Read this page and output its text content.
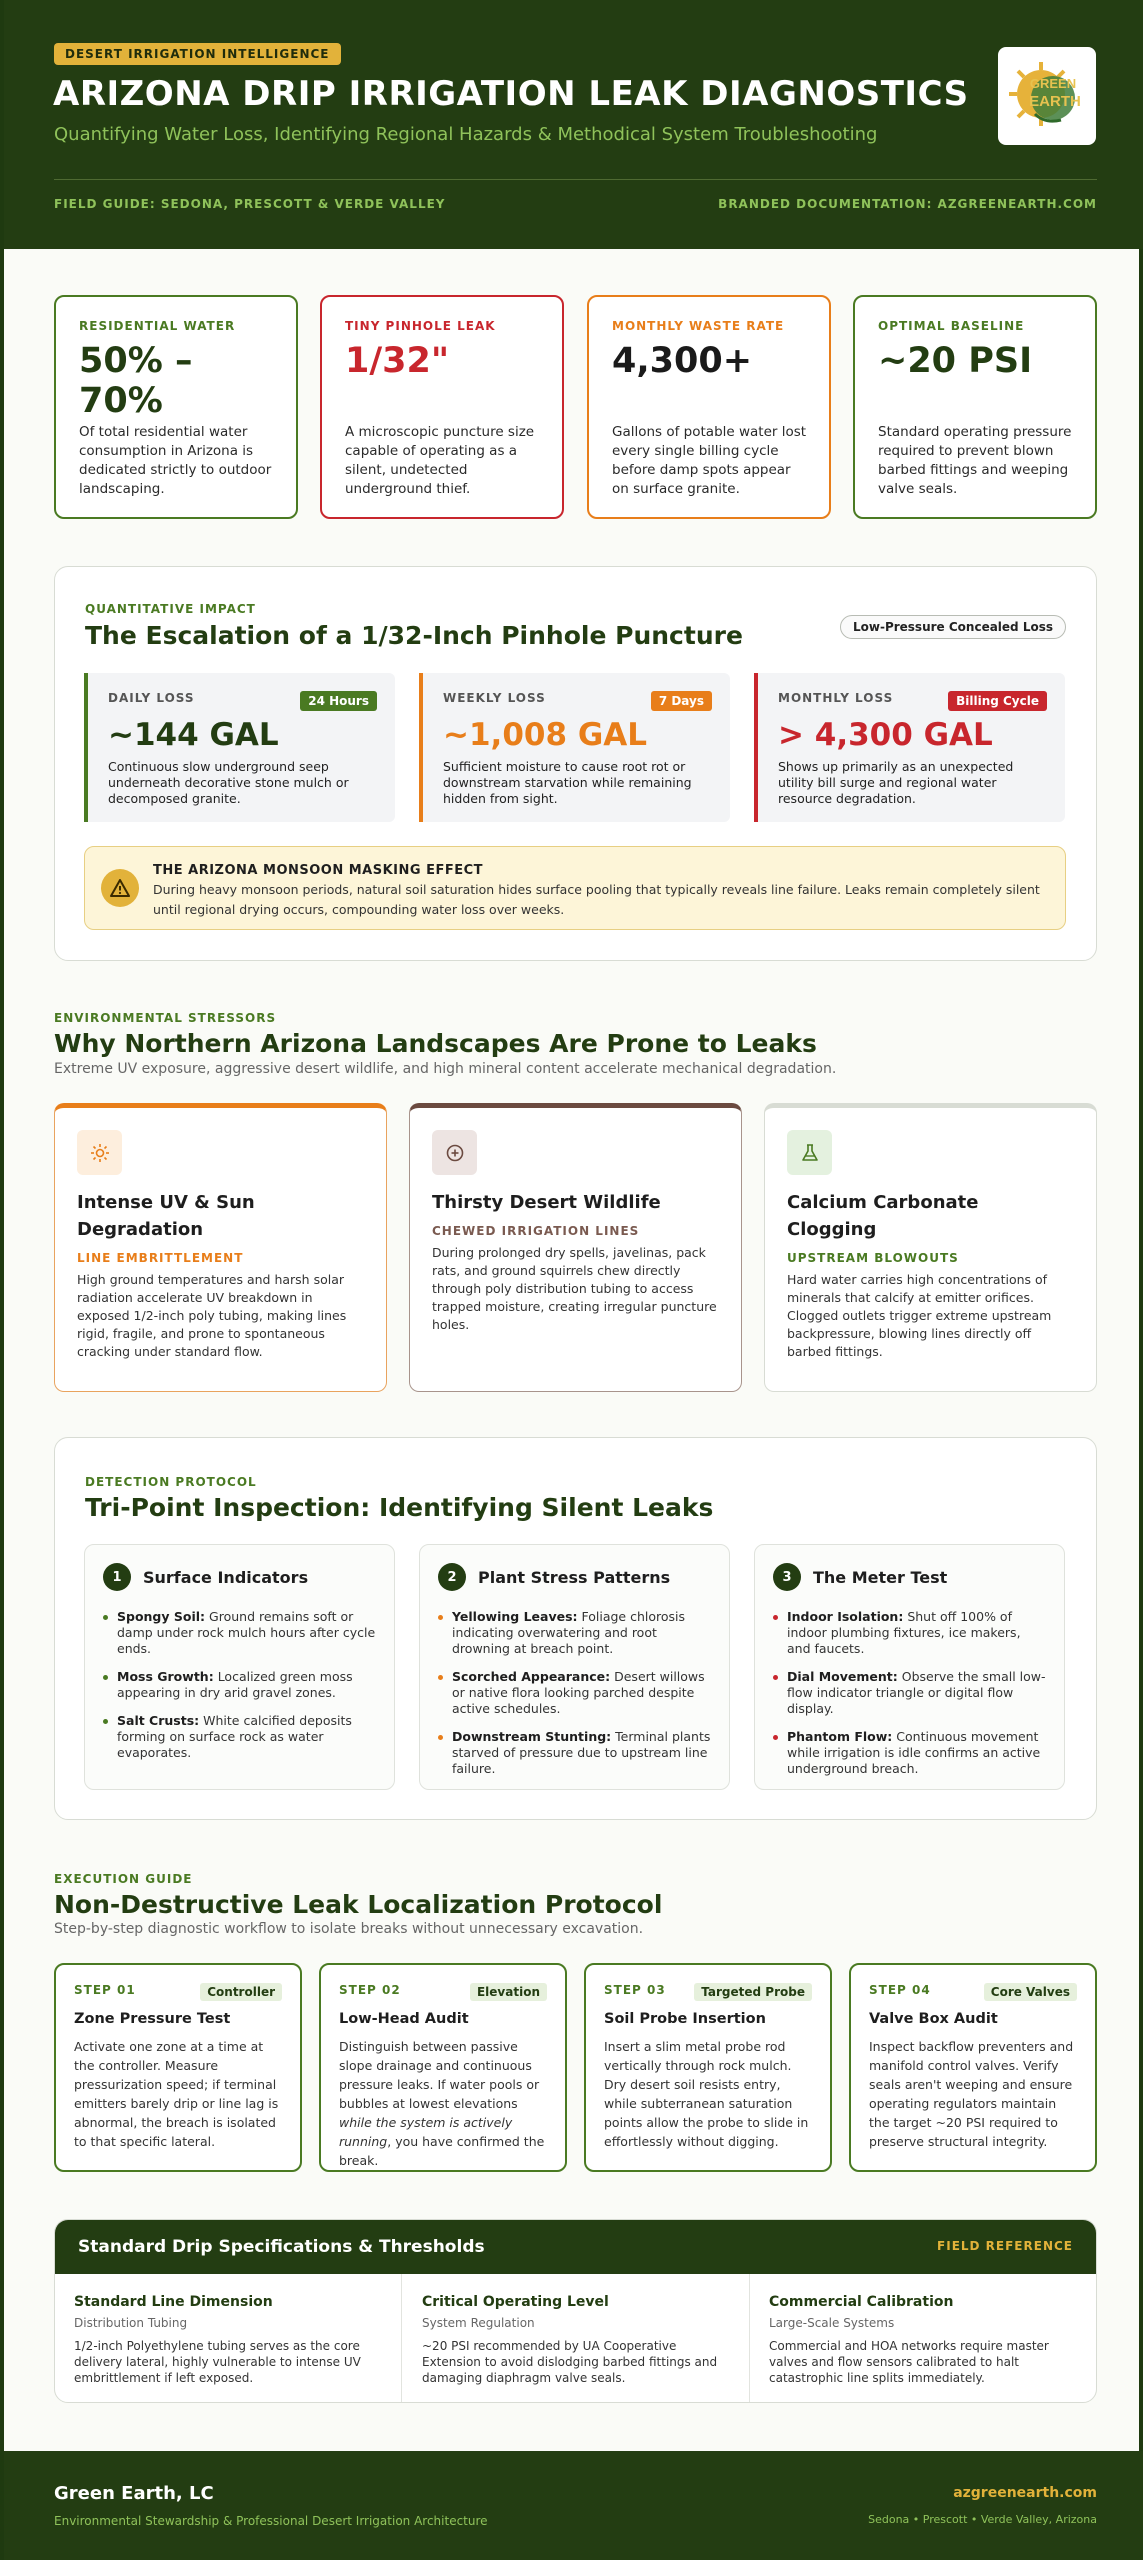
DESERT IRRIGATION INTELLIGENCE
ARIZONA DRIP IRRIGATION LEAK DIAGNOSTICS
Quantifying Water Loss, Identifying Regional Hazards & Methodical System Troubleshooting
FIELD GUIDE: SEDONA, PRESCOTT & VERDE VALLEY	BRANDED DOCUMENTATION: AZGREENEARTH.COM
GREEN
EARTH
RESIDENTIAL WATER
50% – 70%
Of total residential water consumption in Arizona is dedicated strictly to outdoor landscaping.
TINY PINHOLE LEAK
1/32"
A microscopic puncture size capable of operating as a silent, undetected underground thief.
MONTHLY WASTE RATE
4,300+
Gallons of potable water lost every single billing cycle before damp spots appear on surface granite.
OPTIMAL BASELINE
~20 PSI
Standard operating pressure required to prevent blown barbed fittings and weeping valve seals.
QUANTITATIVE IMPACT
The Escalation of a 1/32-Inch Pinhole Puncture	Low-Pressure Concealed Loss
DAILY LOSS	24 Hours
~144 GAL
Continuous slow underground seep underneath decorative stone mulch or decomposed granite.
WEEKLY LOSS	7 Days
~1,008 GAL
Sufficient moisture to cause root rot or downstream starvation while remaining hidden from sight.
MONTHLY LOSS	Billing Cycle
> 4,300 GAL
Shows up primarily as an unexpected utility bill surge and regional water resource degradation.
THE ARIZONA MONSOON MASKING EFFECT
During heavy monsoon periods, natural soil saturation hides surface pooling that typically reveals line failure. Leaks remain completely silent until regional drying occurs, compounding water loss over weeks.
ENVIRONMENTAL STRESSORS
Why Northern Arizona Landscapes Are Prone to Leaks
Extreme UV exposure, aggressive desert wildlife, and high mineral content accelerate mechanical degradation.
Intense UV & Sun Degradation
LINE EMBRITTLEMENT
High ground temperatures and harsh solar radiation accelerate UV breakdown in exposed 1/2-inch poly tubing, making lines rigid, fragile, and prone to spontaneous cracking under standard flow.
Thirsty Desert Wildlife
CHEWED IRRIGATION LINES
During prolonged dry spells, javelinas, pack rats, and ground squirrels chew directly through poly distribution tubing to access trapped moisture, creating irregular puncture holes.
Calcium Carbonate Clogging
UPSTREAM BLOWOUTS
Hard water carries high concentrations of minerals that calcify at emitter orifices. Clogged outlets trigger extreme upstream backpressure, blowing lines directly off barbed fittings.
DETECTION PROTOCOL
Tri-Point Inspection: Identifying Silent Leaks
1	Surface Indicators
Spongy Soil: Ground remains soft or damp under rock mulch hours after cycle ends.
Moss Growth: Localized green moss appearing in dry arid gravel zones.
Salt Crusts: White calcified deposits forming on surface rock as water evaporates.
2	Plant Stress Patterns
Yellowing Leaves: Foliage chlorosis indicating overwatering and root drowning at breach point.
Scorched Appearance: Desert willows or native flora looking parched despite active schedules.
Downstream Stunting: Terminal plants starved of pressure due to upstream line failure.
3	The Meter Test
Indoor Isolation: Shut off 100% of indoor plumbing fixtures, ice makers, and faucets.
Dial Movement: Observe the small low-flow indicator triangle or digital flow display.
Phantom Flow: Continuous movement while irrigation is idle confirms an active underground breach.
EXECUTION GUIDE
Non-Destructive Leak Localization Protocol
Step-by-step diagnostic workflow to isolate breaks without unnecessary excavation.
STEP 01	Controller
Zone Pressure Test
Activate one zone at a time at the controller. Measure pressurization speed; if terminal emitters barely drip or line lag is abnormal, the breach is isolated to that specific lateral.
STEP 02	Elevation
Low-Head Audit
Distinguish between passive slope drainage and continuous pressure leaks. If water pools or bubbles at lowest elevations while the system is actively running, you have confirmed the break.
STEP 03	Targeted Probe
Soil Probe Insertion
Insert a slim metal probe rod vertically through rock mulch. Dry desert soil resists entry, while subterranean saturation points allow the probe to slide in effortlessly without digging.
STEP 04	Core Valves
Valve Box Audit
Inspect backflow preventers and manifold control valves. Verify seals aren't weeping and ensure operating regulators maintain the target ~20 PSI required to preserve structural integrity.
Standard Drip Specifications & Thresholds	FIELD REFERENCE
Standard Line Dimension
Distribution Tubing
1/2-inch Polyethylene tubing serves as the core delivery lateral, highly vulnerable to intense UV embrittlement if left exposed.
Critical Operating Level
System Regulation
~20 PSI recommended by UA Cooperative Extension to avoid dislodging barbed fittings and damaging diaphragm valve seals.
Commercial Calibration
Large-Scale Systems
Commercial and HOA networks require master valves and flow sensors calibrated to halt catastrophic line splits immediately.
Green Earth, LC
Environmental Stewardship & Professional Desert Irrigation Architecture
azgreenearth.com
Sedona • Prescott • Verde Valley, Arizona
